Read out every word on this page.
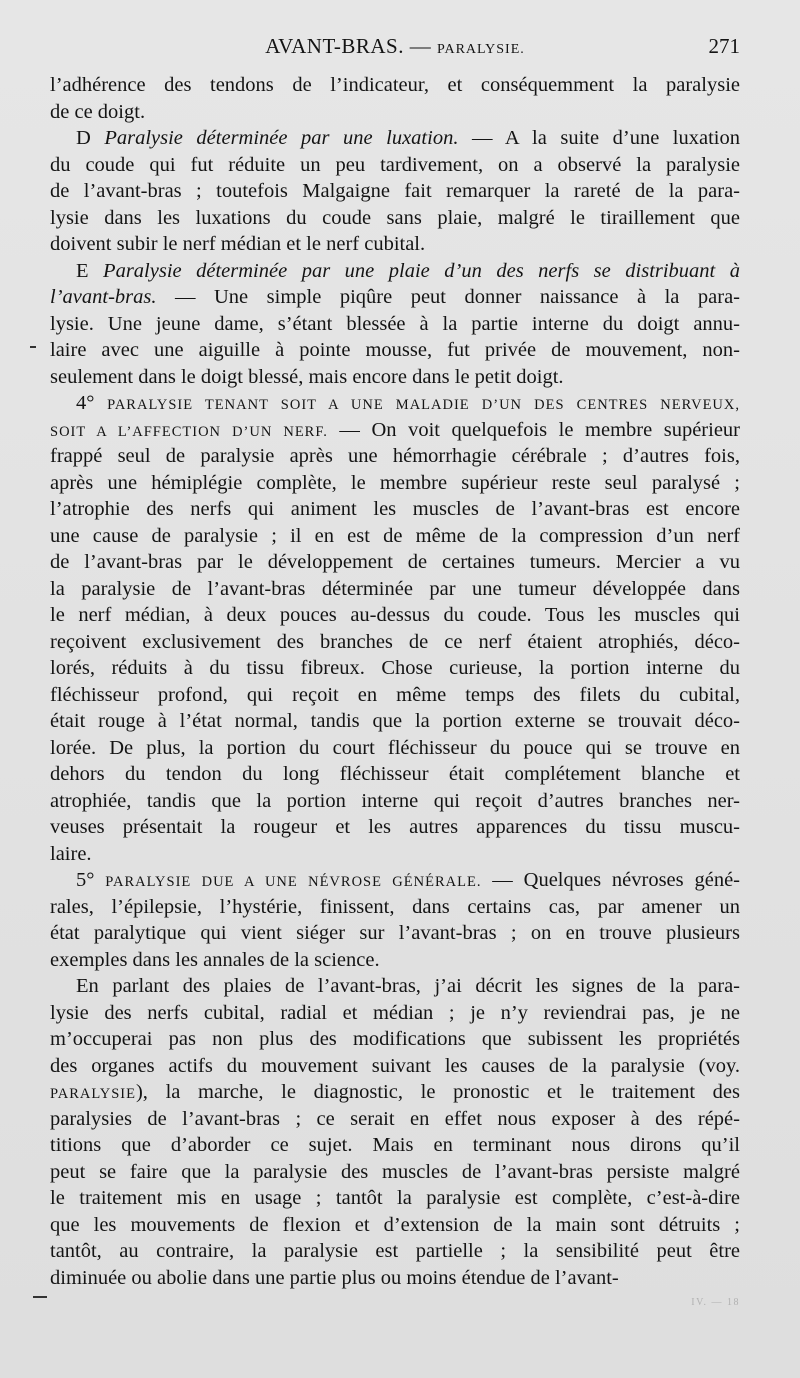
AVANT-BRAS. — PARALYSIE.	271
l’adhérence des tendons de l’indicateur, et conséquemment la paralysie
de ce doigt.
D Paralysie déterminée par une luxation. — A la suite d’une luxation
du coude qui fut réduite un peu tardivement, on a observé la paralysie
de l’avant-bras ; toutefois Malgaigne fait remarquer la rareté de la para-
lysie dans les luxations du coude sans plaie, malgré le tiraillement que
doivent subir le nerf médian et le nerf cubital.
E Paralysie déterminée par une plaie d’un des nerfs se distribuant à
l’avant-bras. — Une simple piqûre peut donner naissance à la para-
lysie. Une jeune dame, s’étant blessée à la partie interne du doigt annu-
laire avec une aiguille à pointe mousse, fut privée de mouvement, non-
seulement dans le doigt blessé, mais encore dans le petit doigt.
4° PARALYSIE TENANT SOIT A UNE MALADIE D’UN DES CENTRES NERVEUX,
SOIT A L’AFFECTION D’UN NERF. — On voit quelquefois le membre supérieur
frappé seul de paralysie après une hémorrhagie cérébrale ; d’autres fois,
après une hémiplégie complète, le membre supérieur reste seul paralysé ;
l’atrophie des nerfs qui animent les muscles de l’avant-bras est encore
une cause de paralysie ; il en est de même de la compression d’un nerf
de l’avant-bras par le développement de certaines tumeurs. Mercier a vu
la paralysie de l’avant-bras déterminée par une tumeur développée dans
le nerf médian, à deux pouces au-dessus du coude. Tous les muscles qui
reçoivent exclusivement des branches de ce nerf étaient atrophiés, déco-
lorés, réduits à du tissu fibreux. Chose curieuse, la portion interne du
fléchisseur profond, qui reçoit en même temps des filets du cubital,
était rouge à l’état normal, tandis que la portion externe se trouvait déco-
lorée. De plus, la portion du court fléchisseur du pouce qui se trouve en
dehors du tendon du long fléchisseur était complétement blanche et
atrophiée, tandis que la portion interne qui reçoit d’autres branches ner-
veuses présentait la rougeur et les autres apparences du tissu muscu-
laire.
5° PARALYSIE DUE A UNE NÉVROSE GÉNÉRALE. — Quelques névroses géné-
rales, l’épilepsie, l’hystérie, finissent, dans certains cas, par amener un
état paralytique qui vient siéger sur l’avant-bras ; on en trouve plusieurs
exemples dans les annales de la science.
En parlant des plaies de l’avant-bras, j’ai décrit les signes de la para-
lysie des nerfs cubital, radial et médian ; je n’y reviendrai pas, je ne
m’occuperai pas non plus des modifications que subissent les propriétés
des organes actifs du mouvement suivant les causes de la paralysie (voy.
PARALYSIE), la marche, le diagnostic, le pronostic et le traitement des
paralysies de l’avant-bras ; ce serait en effet nous exposer à des répé-
titions que d’aborder ce sujet. Mais en terminant nous dirons qu’il
peut se faire que la paralysie des muscles de l’avant-bras persiste malgré
le traitement mis en usage ; tantôt la paralysie est complète, c’est-à-dire
que les mouvements de flexion et d’extension de la main sont détruits ;
tantôt, au contraire, la paralysie est partielle ; la sensibilité peut être
diminuée ou abolie dans une partie plus ou moins étendue de l’avant-
IV. — 18
